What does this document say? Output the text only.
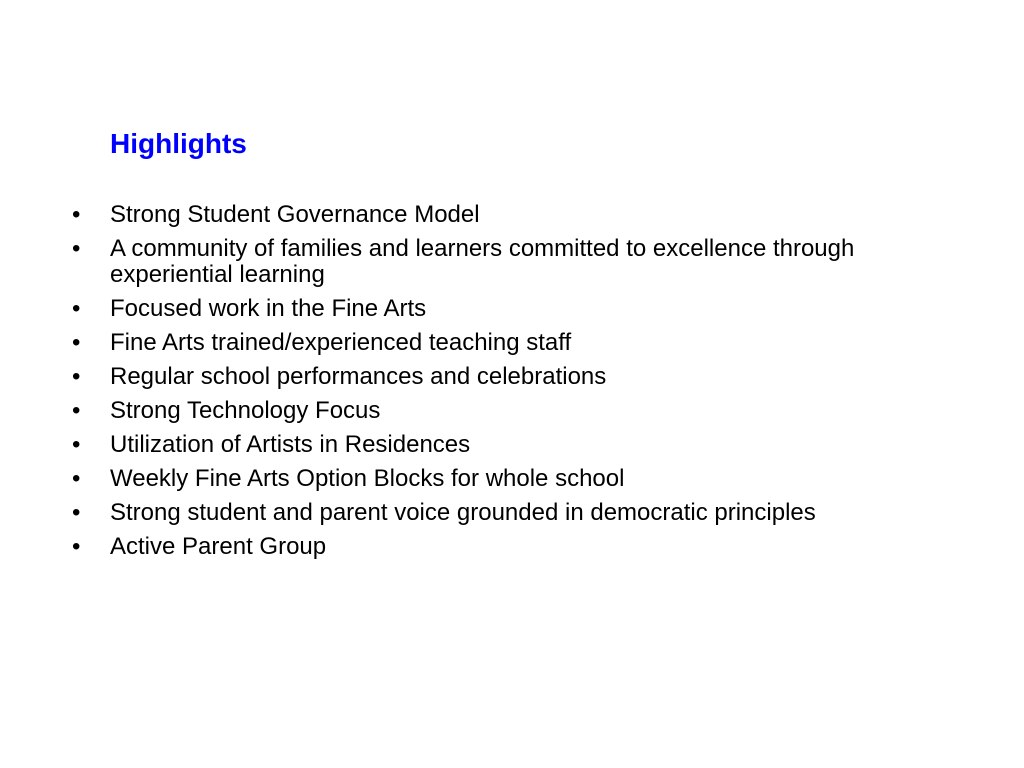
Highlights
•	Strong Student Governance Model
•	A community of families and learners committed to excellence through experiential learning
•	Focused work in the Fine Arts
•	Fine Arts trained/experienced teaching staff
•	Regular school performances and celebrations
•	Strong Technology Focus
•	Utilization of Artists in Residences
•	Weekly Fine Arts Option Blocks for whole school
•	Strong student and parent voice grounded in democratic principles
•	Active Parent Group
